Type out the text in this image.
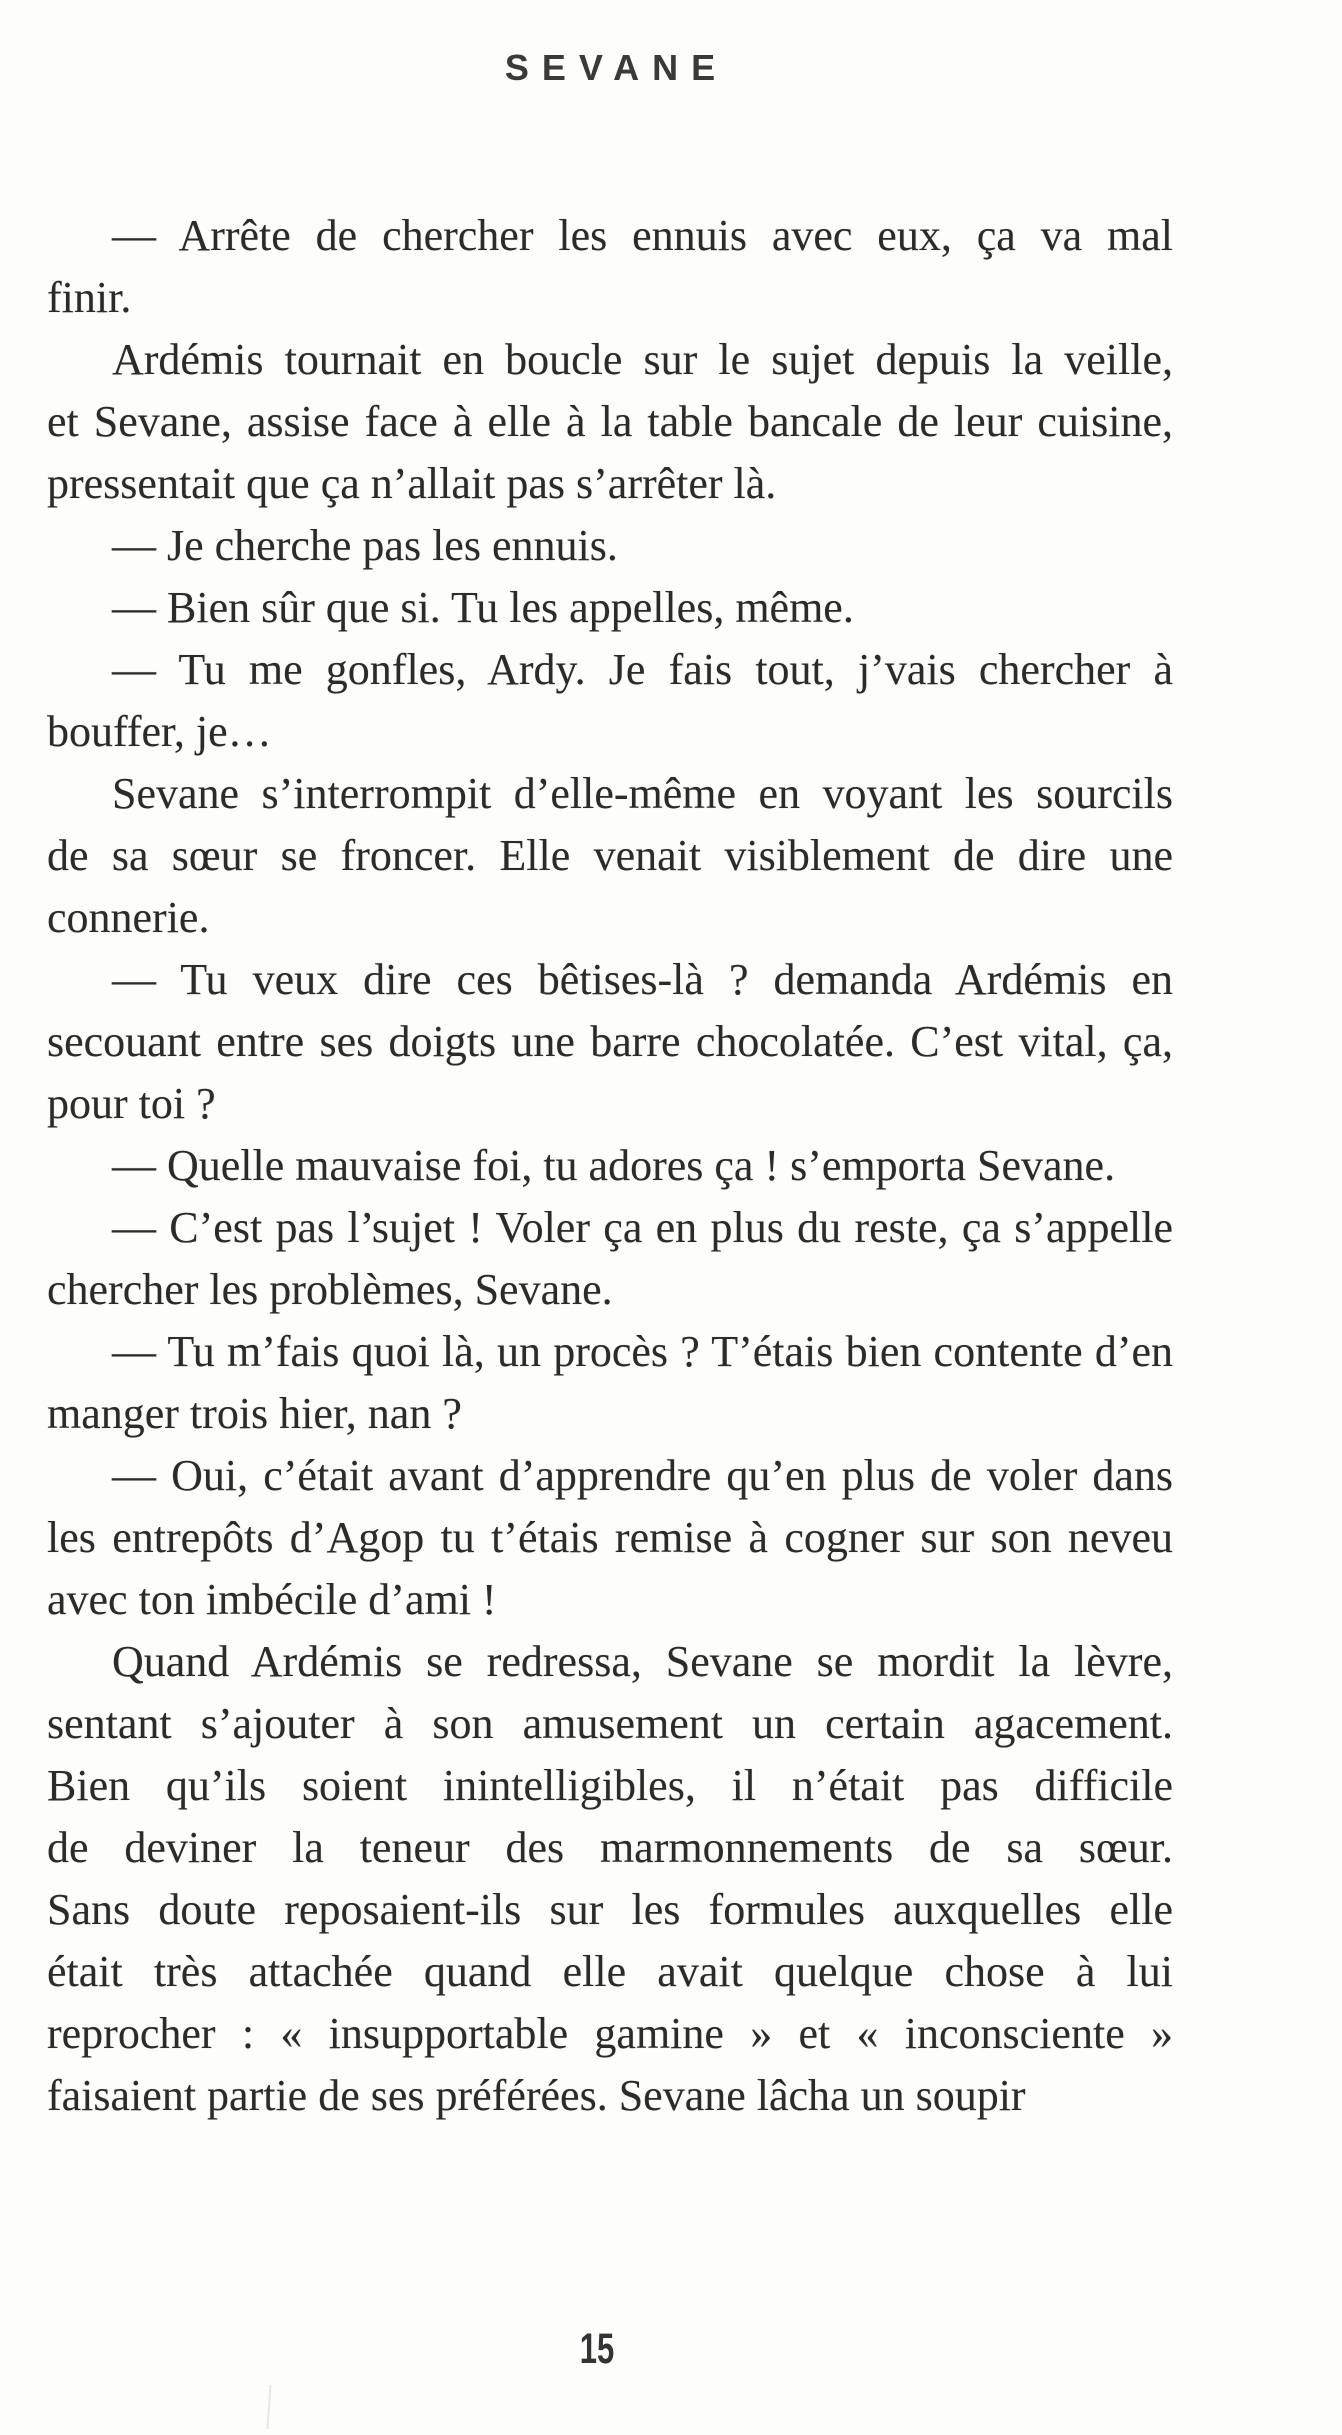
SEVANE
— Arrête de chercher les ennuis avec eux, ça va mal
finir.
Ardémis tournait en boucle sur le sujet depuis la veille,
et Sevane, assise face à elle à la table bancale de leur cuisine,
pressentait que ça n’allait pas s’arrêter là.
— Je cherche pas les ennuis.
— Bien sûr que si. Tu les appelles, même.
— Tu me gonfles, Ardy. Je fais tout, j’vais chercher à
bouffer, je…
Sevane s’interrompit d’elle-même en voyant les sourcils
de sa sœur se froncer. Elle venait visiblement de dire une
connerie.
— Tu veux dire ces bêtises-là ? demanda Ardémis en
secouant entre ses doigts une barre chocolatée. C’est vital, ça,
pour toi ?
— Quelle mauvaise foi, tu adores ça ! s’emporta Sevane.
— C’est pas l’sujet ! Voler ça en plus du reste, ça s’appelle
chercher les problèmes, Sevane.
— Tu m’fais quoi là, un procès ? T’étais bien contente d’en
manger trois hier, nan ?
— Oui, c’était avant d’apprendre qu’en plus de voler dans
les entrepôts d’Agop tu t’étais remise à cogner sur son neveu
avec ton imbécile d’ami !
Quand Ardémis se redressa, Sevane se mordit la lèvre,
sentant s’ajouter à son amusement un certain agacement.
Bien qu’ils soient inintelligibles, il n’était pas difficile
de deviner la teneur des marmonnements de sa sœur.
Sans doute reposaient-ils sur les formules auxquelles elle
était très attachée quand elle avait quelque chose à lui
reprocher : « insupportable gamine » et « inconsciente »
faisaient partie de ses préférées. Sevane lâcha un soupir
15
